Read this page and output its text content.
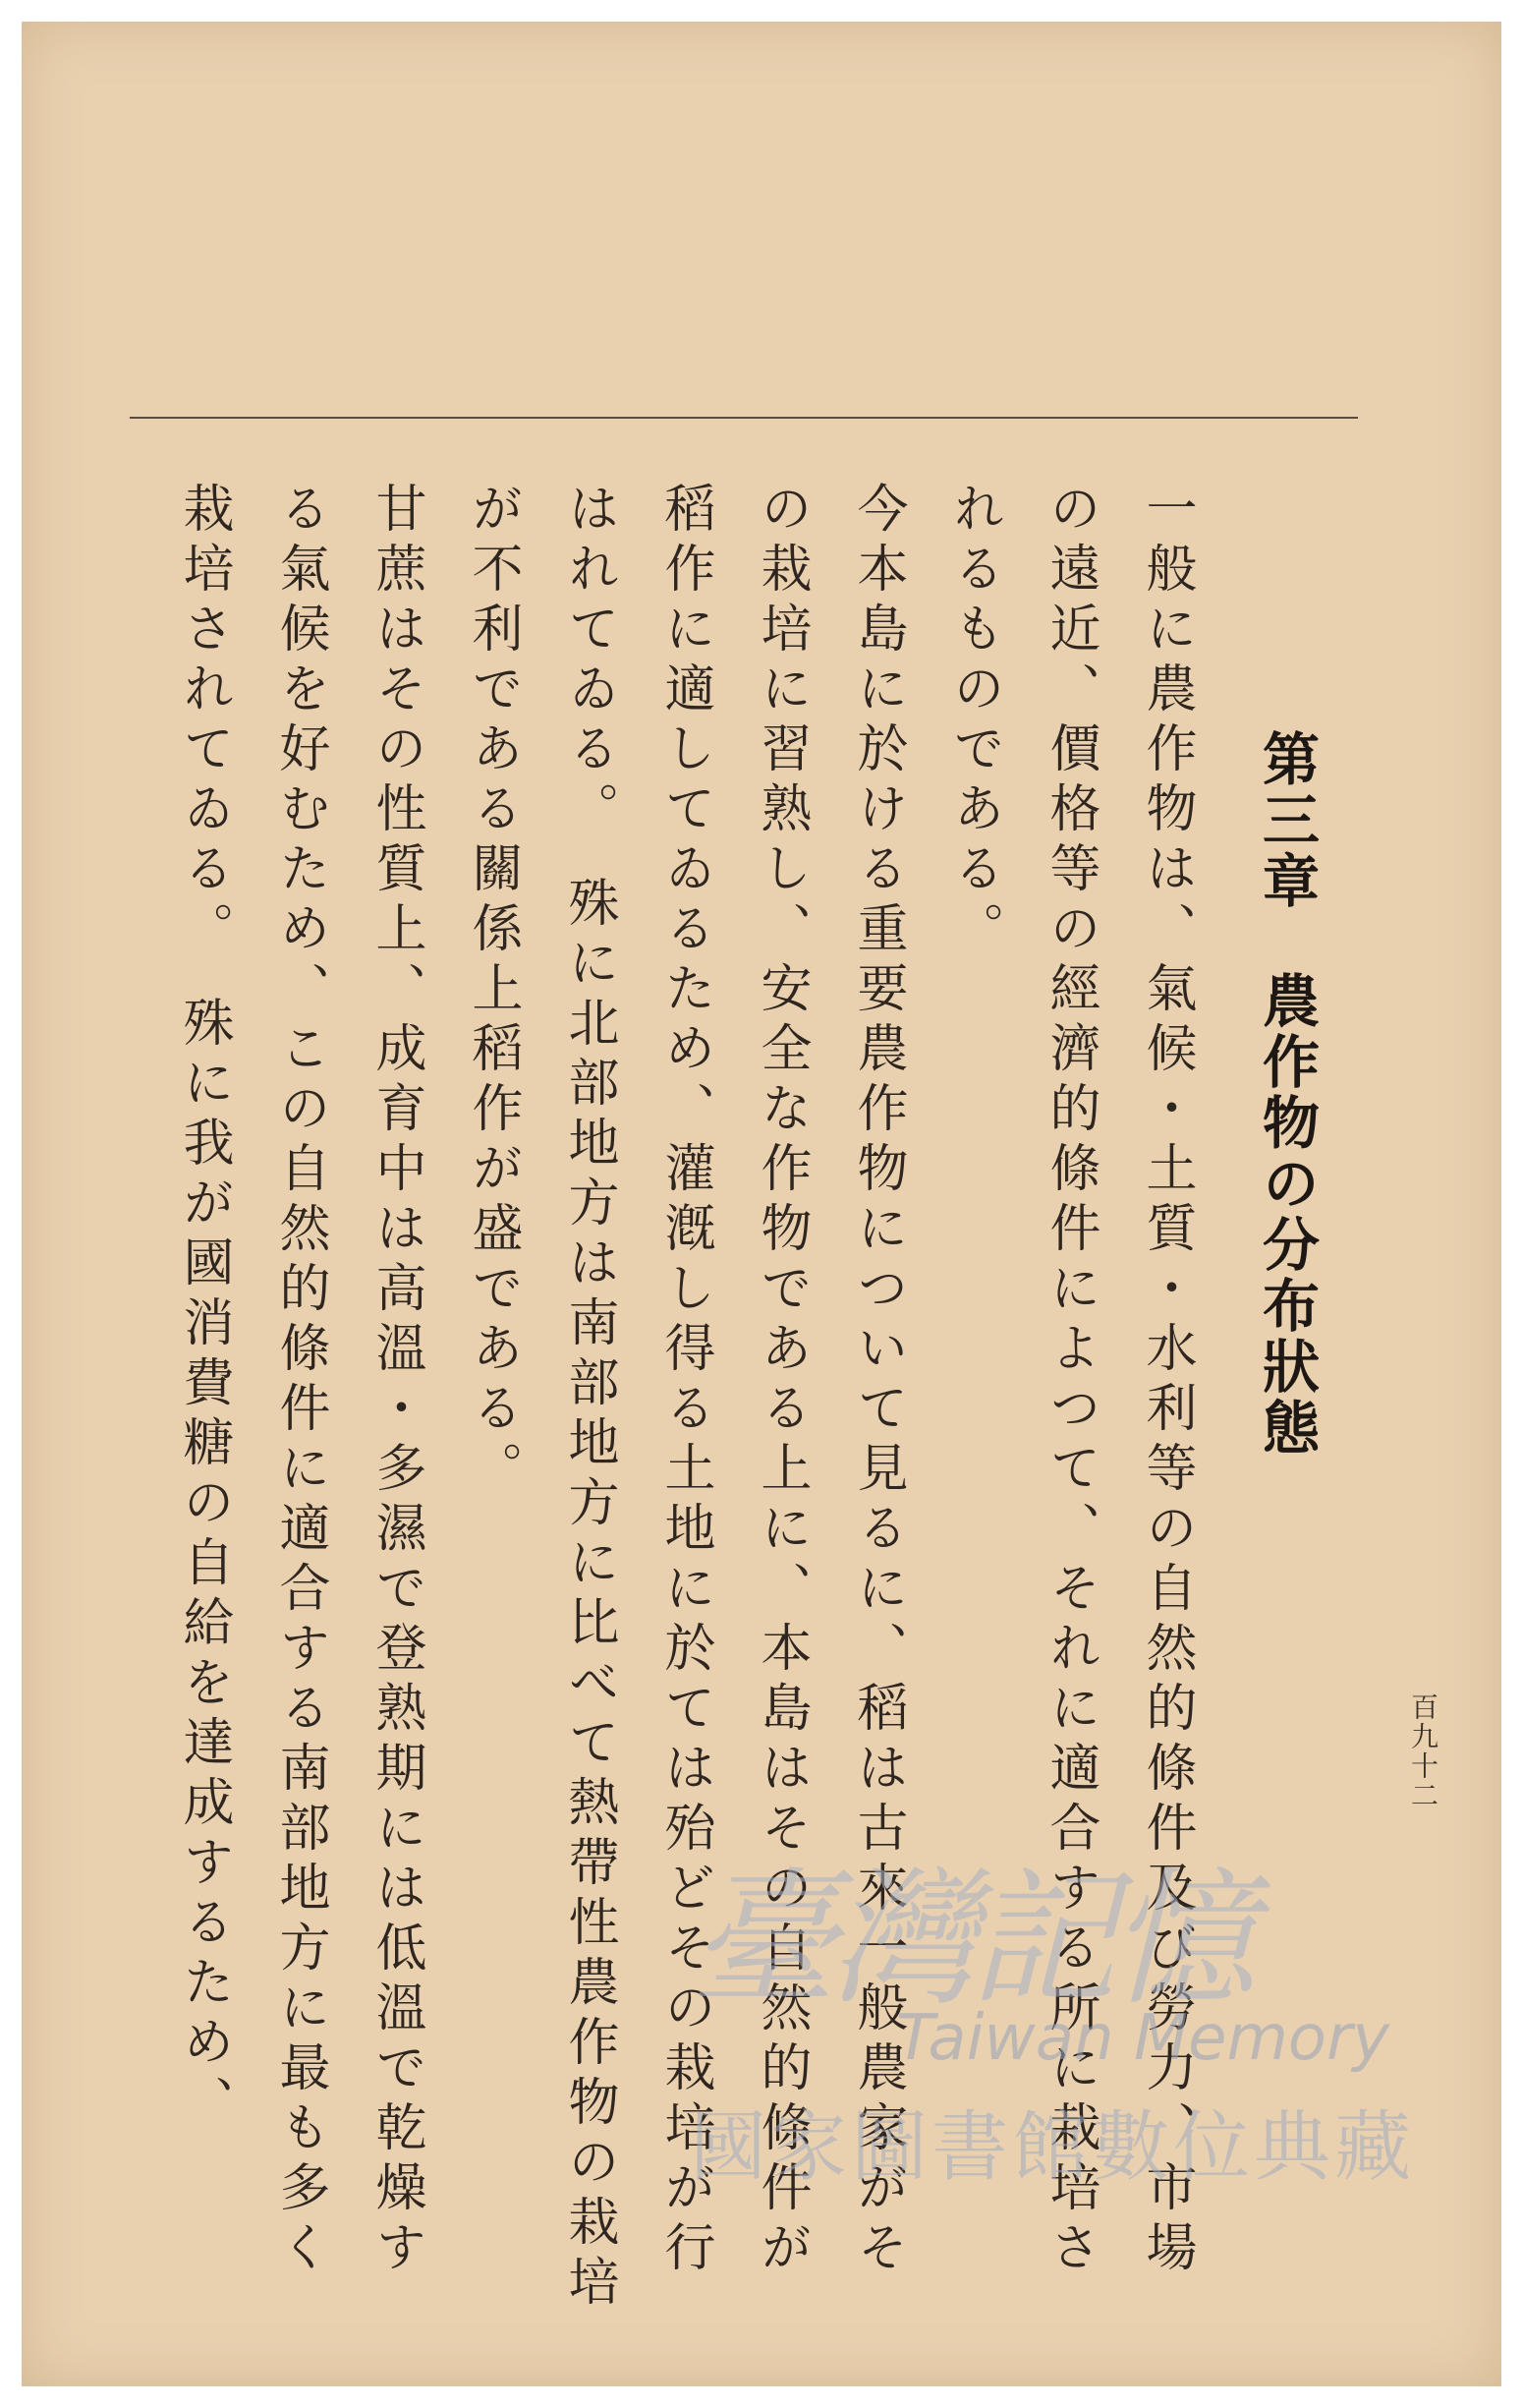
百九十二
第三章農作物の分布狀態

一般に農作物は、氣候・土質・水利等の自然的條件及び勞力、市場の遠近、價格等の經濟的條件によつて、それに適合する所に栽培されるものである。

今本島に於ける重要農作物について見るに、稻は古來一般農家がその栽培に習熟し、安全な作物である上に、本島はその自然的條件が稻作に適してゐるため、灌漑し得る土地に於ては殆どその栽培が行はれてゐる。　殊に北部地方は南部地方に比べて熱帶性農作物の栽培が不利である關係上稻作が盛である。

甘蔗はその性質上、成育中は高溫・多濕で登熟期には低溫で乾燥する氣候を好むため、この自然的條件に適合する南部地方に最も多く栽培されてゐる。　殊に我が國消費糖の自給を達成するため、	臺灣記憶
Taiwan Memory
國家圖書館數位典藏
